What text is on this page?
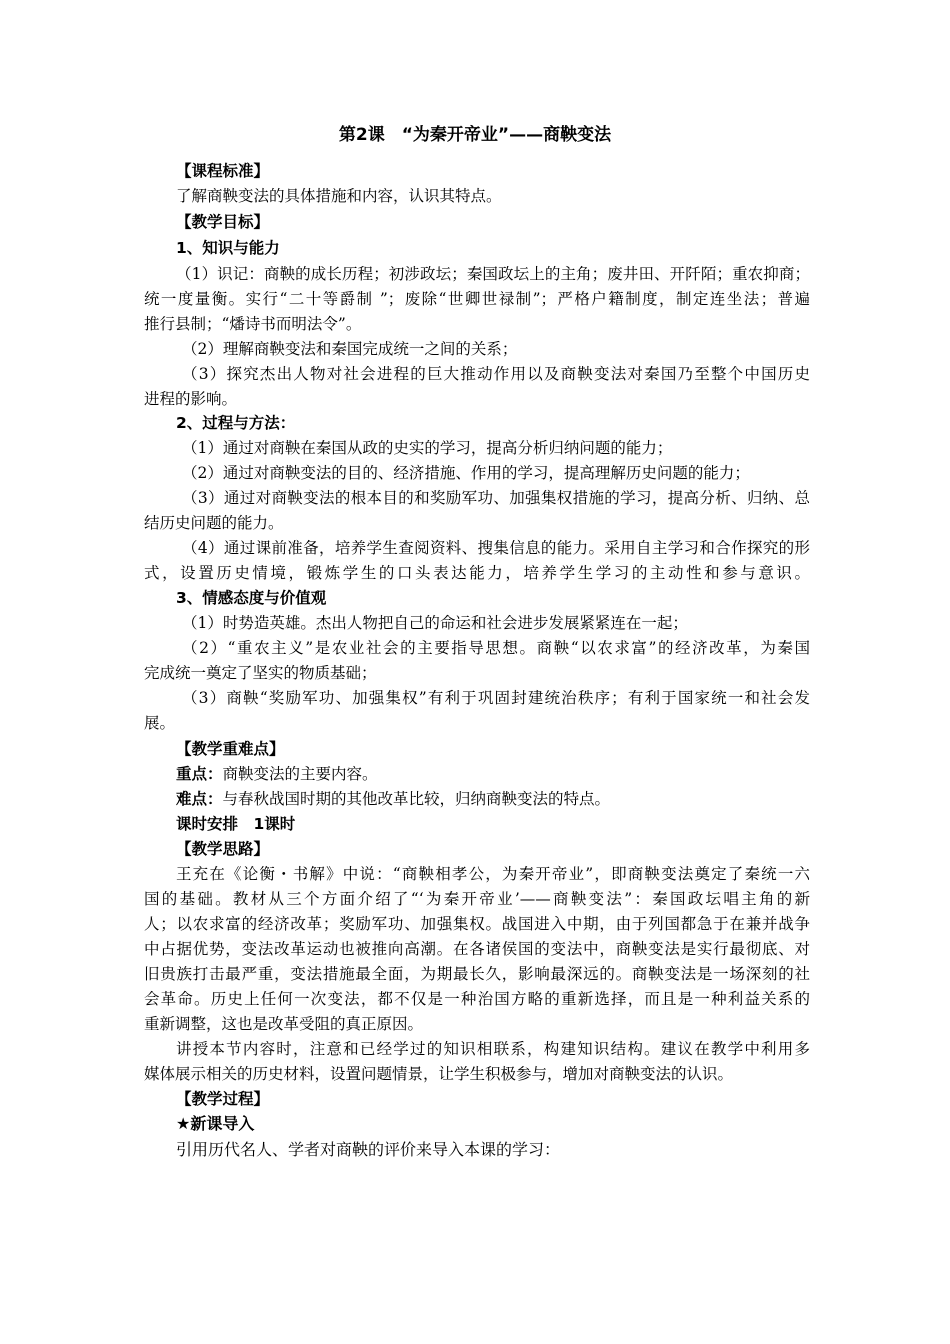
第2课　“为秦开帝业”——商鞅变法
【课程标准】
了解商鞅变法的具体措施和内容，认识其特点。
【教学目标】
1、知识与能力
（1）识记：商鞅的成长历程；初涉政坛；秦国政坛上的主角；废井田、开阡陌；重农抑商；
统一度量衡。实行“二十等爵制 ”；废除“世卿世禄制”；严格户籍制度，制定连坐法；普遍
推行县制；“燔诗书而明法令”。
（2）理解商鞅变法和秦国完成统一之间的关系；
（3）探究杰出人物对社会进程的巨大推动作用以及商鞅变法对秦国乃至整个中国历史
进程的影响。
2、过程与方法：
（1）通过对商鞅在秦国从政的史实的学习，提高分析归纳问题的能力；
（2）通过对商鞅变法的目的、经济措施、作用的学习，提高理解历史问题的能力；
（3）通过对商鞅变法的根本目的和奖励军功、加强集权措施的学习，提高分析、归纳、总
结历史问题的能力。
（4）通过课前准备，培养学生查阅资料、搜集信息的能力。采用自主学习和合作探究的形
式，设置历史情境，锻炼学生的口头表达能力，培养学生学习的主动性和参与意识。
3、情感态度与价值观
（1）时势造英雄。杰出人物把自己的命运和社会进步发展紧紧连在一起；
（2）“重农主义”是农业社会的主要指导思想。商鞅“以农求富”的经济改革，为秦国
完成统一奠定了坚实的物质基础；
（3）商鞅“奖励军功、加强集权”有利于巩固封建统治秩序；有利于国家统一和社会发
展。
【教学重难点】
重点：商鞅变法的主要内容。
难点：与春秋战国时期的其他改革比较，归纳商鞅变法的特点。
课时安排　1课时
【教学思路】
王充在《论衡・书解》中说：“商鞅相孝公，为秦开帝业”，即商鞅变法奠定了秦统一六
国的基础。教材从三个方面介绍了“‘为秦开帝业’——商鞅变法”：秦国政坛唱主角的新
人；以农求富的经济改革；奖励军功、加强集权。战国进入中期，由于列国都急于在兼并战争
中占据优势，变法改革运动也被推向高潮。在各诸侯国的变法中，商鞅变法是实行最彻底、对
旧贵族打击最严重，变法措施最全面，为期最长久，影响最深远的。商鞅变法是一场深刻的社
会革命。历史上任何一次变法，都不仅是一种治国方略的重新选择，而且是一种利益关系的
重新调整，这也是改革受阻的真正原因。
讲授本节内容时，注意和已经学过的知识相联系，构建知识结构。建议在教学中利用多
媒体展示相关的历史材料，设置问题情景，让学生积极参与，增加对商鞅变法的认识。
【教学过程】
★新课导入
引用历代名人、学者对商鞅的评价来导入本课的学习：
